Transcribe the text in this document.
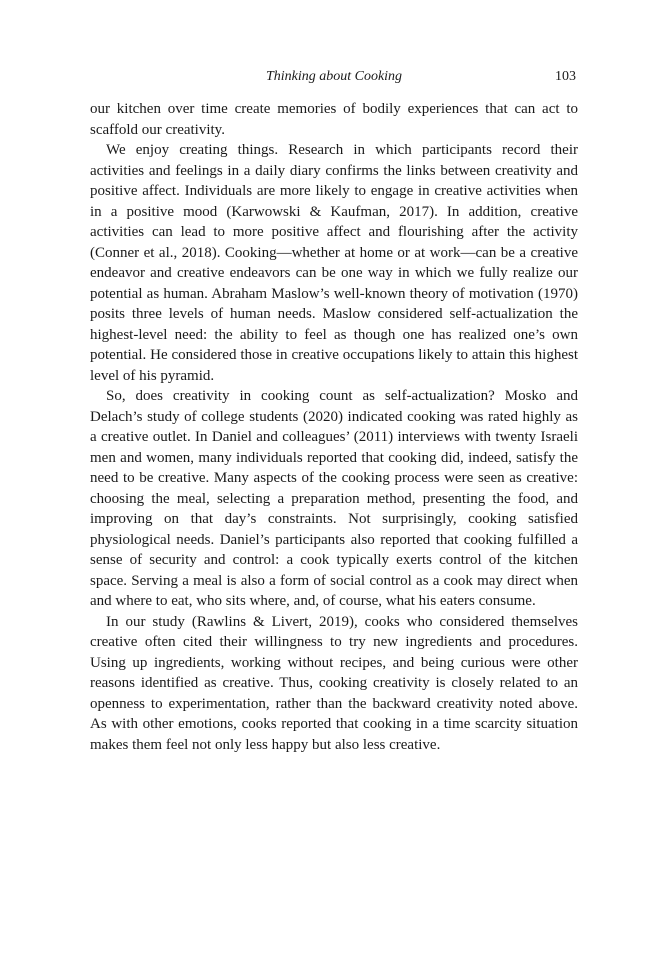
Thinking about Cooking	103

our kitchen over time create memories of bodily experiences that can act to scaffold our creativity.

We enjoy creating things. Research in which participants record their activities and feelings in a daily diary confirms the links between creativity and positive affect. Individuals are more likely to engage in creative activities when in a positive mood (Karwowski & Kaufman, 2017). In addition, creative activities can lead to more positive affect and flourishing after the activity (Conner et al., 2018). Cooking—whether at home or at work—can be a creative endeavor and creative endeavors can be one way in which we fully realize our potential as human. Abraham Maslow’s well-known theory of motivation (1970) posits three levels of human needs. Maslow considered self-actualization the highest-level need: the ability to feel as though one has realized one’s own potential. He considered those in creative occupations likely to attain this highest level of his pyramid.

So, does creativity in cooking count as self-actualization? Mosko and Delach’s study of college students (2020) indicated cooking was rated highly as a creative outlet. In Daniel and colleagues’ (2011) interviews with twenty Israeli men and women, many individuals reported that cooking did, indeed, satisfy the need to be creative. Many aspects of the cooking process were seen as creative: choosing the meal, selecting a preparation method, presenting the food, and improving on that day’s constraints. Not surprisingly, cooking satisfied physiological needs. Daniel’s participants also reported that cooking fulfilled a sense of security and control: a cook typically exerts control of the kitchen space. Serving a meal is also a form of social control as a cook may direct when and where to eat, who sits where, and, of course, what his eaters consume.

In our study (Rawlins & Livert, 2019), cooks who considered themselves creative often cited their willingness to try new ingredients and procedures. Using up ingredients, working without recipes, and being curious were other reasons identified as creative. Thus, cooking creativity is closely related to an openness to experimentation, rather than the backward creativity noted above. As with other emotions, cooks reported that cooking in a time scarcity situation makes them feel not only less happy but also less creative.
